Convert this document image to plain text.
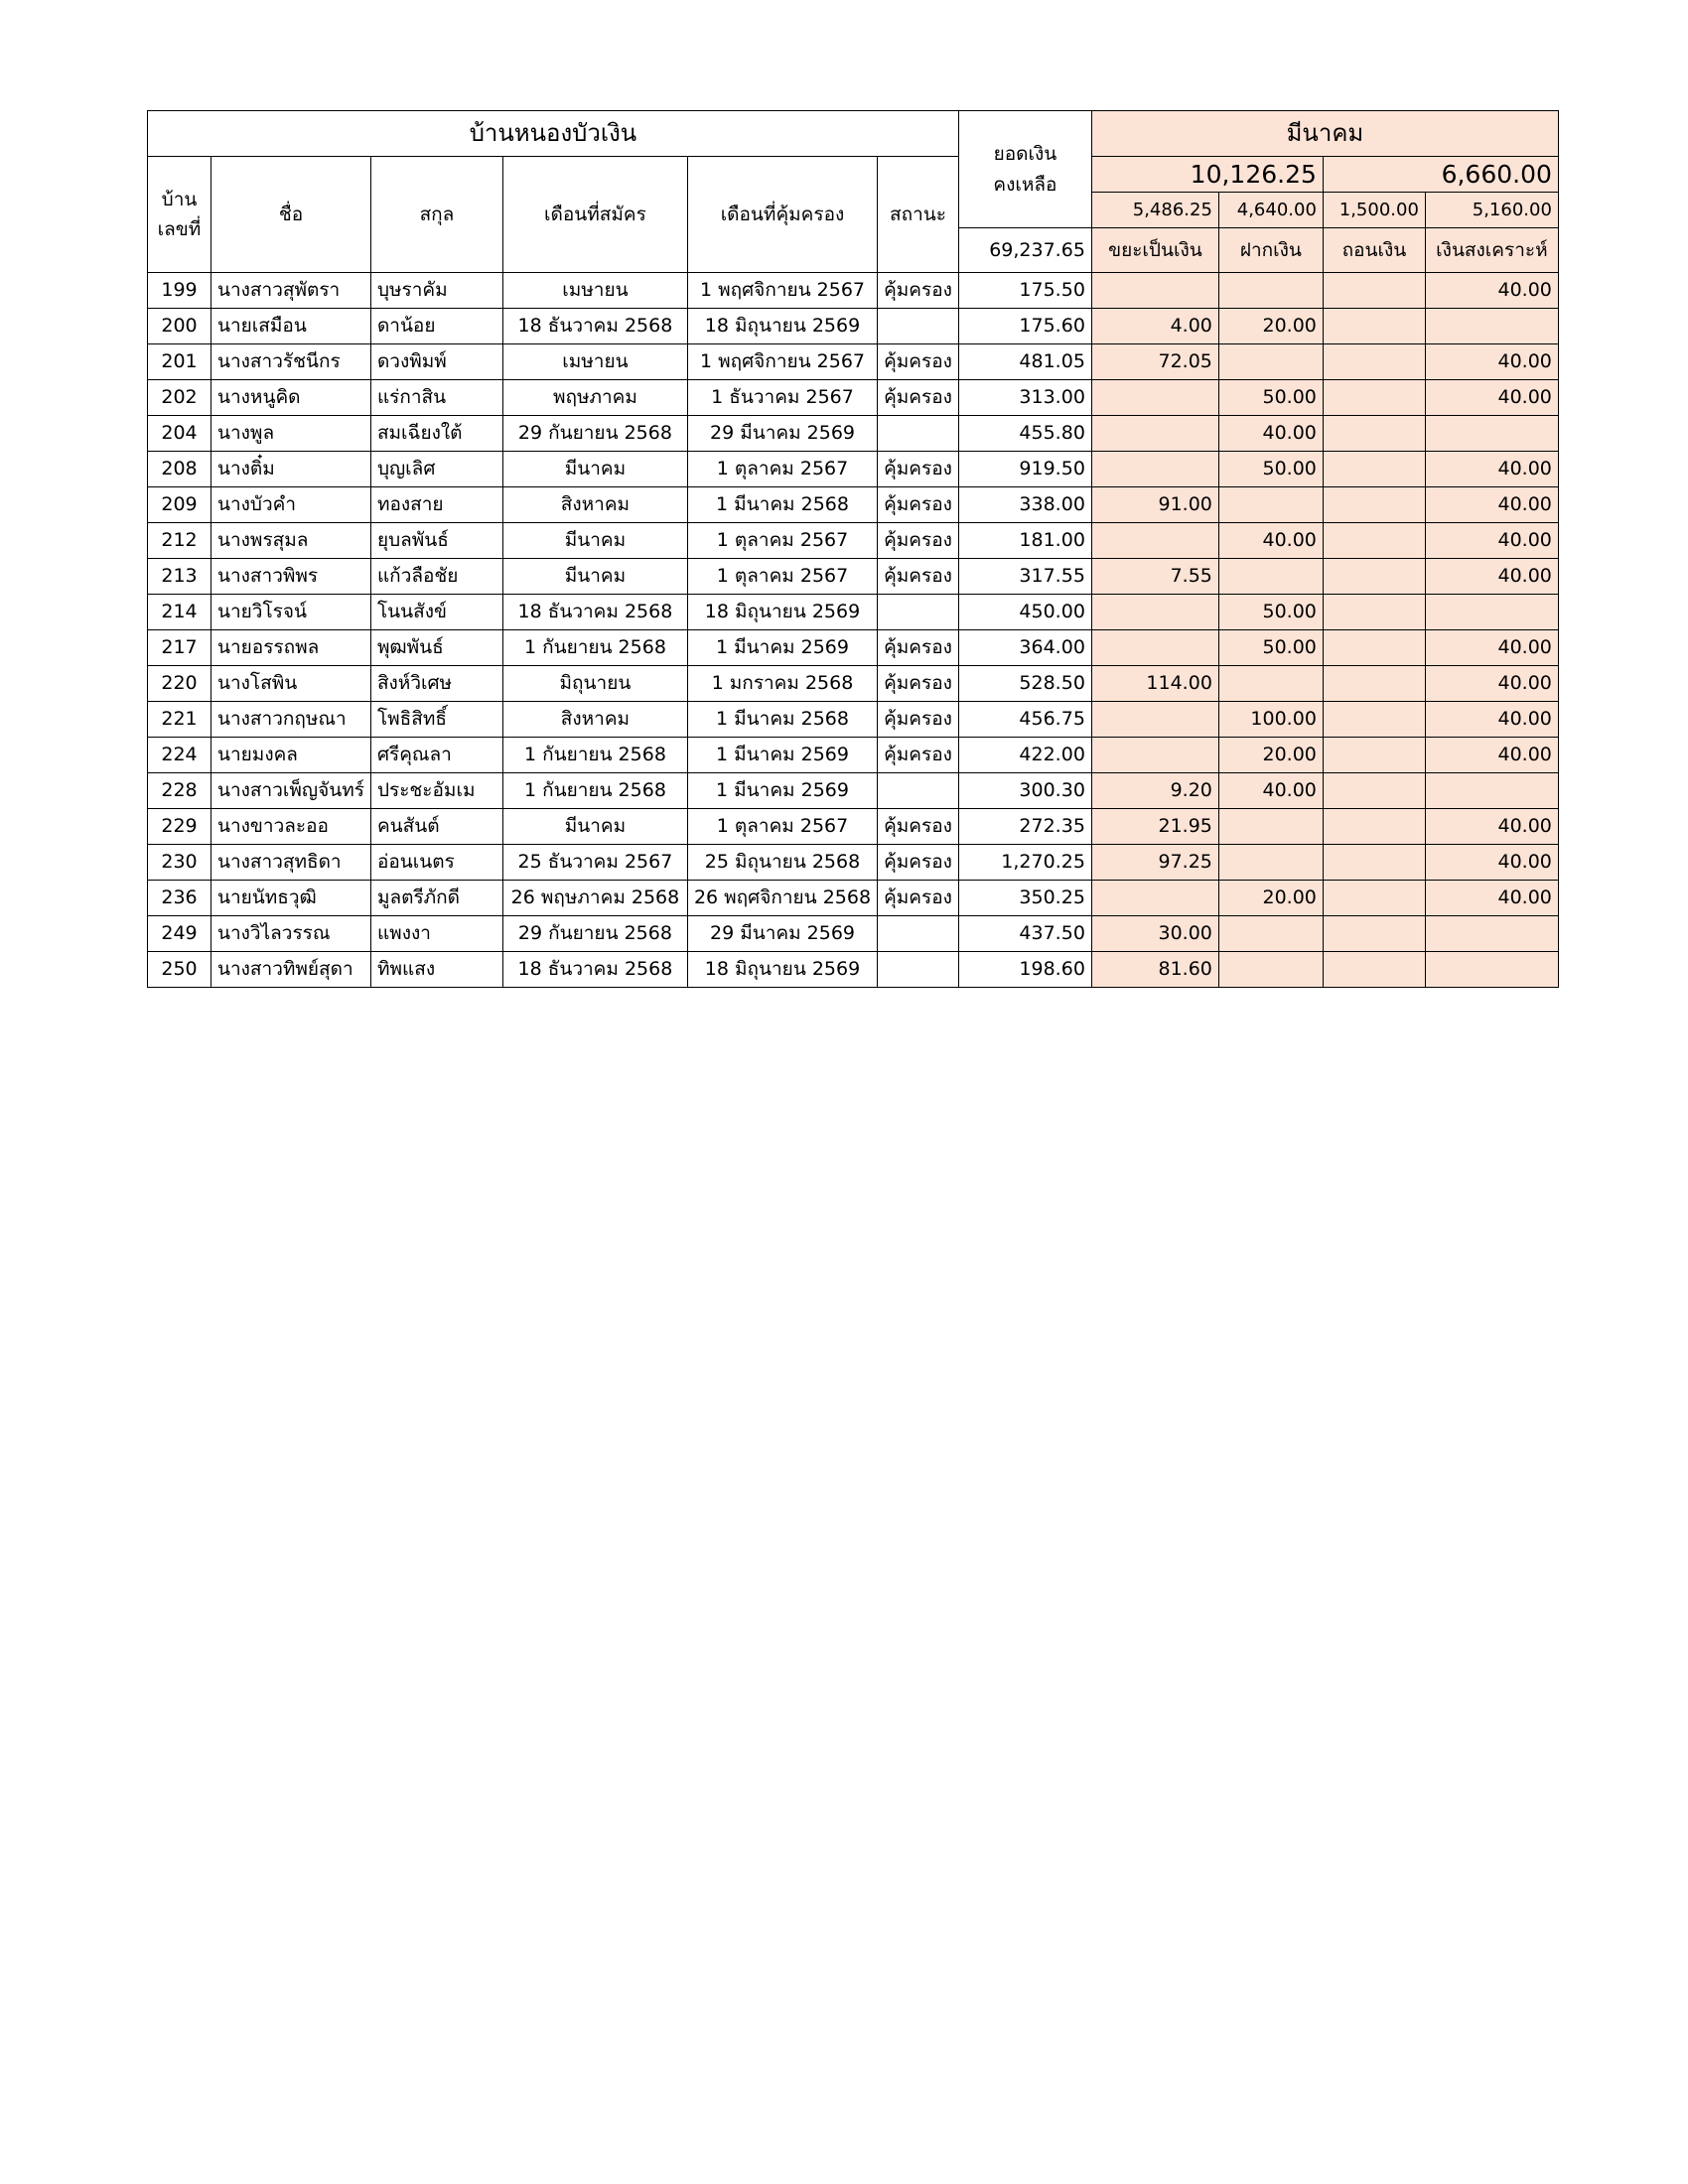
บ้านหนองบัวเงิน						ยอดเงิน
คงเหลือ	มีนาคม			
บ้าน
เลขที่	ชื่อ	สกุล	เดือนที่สมัคร	เดือนที่คุ้มครอง	สถานะ		10,126.25		6,660.00	
							5,486.25	4,640.00	1,500.00	5,160.00
						69,237.65	ขยะเป็นเงิน	ฝากเงิน	ถอนเงิน	เงินสงเคราะห์
199	นางสาวสุพัตรา	บุษราคัม	เมษายน	1 พฤศจิกายน 2567	คุ้มครอง	175.50				40.00
200	นายเสมือน	ดาน้อย	18 ธันวาคม 2568	18 มิถุนายน 2569		175.60	4.00	20.00		
201	นางสาวรัชนีกร	ดวงพิมพ์	เมษายน	1 พฤศจิกายน 2567	คุ้มครอง	481.05	72.05			40.00
202	นางหนูคิด	แร่กาสิน	พฤษภาคม	1 ธันวาคม 2567	คุ้มครอง	313.00		50.00		40.00
204	นางพูล	สมเฉียงใต้	29 กันยายน 2568	29 มีนาคม 2569		455.80		40.00		
208	นางติ๋ม	บุญเลิศ	มีนาคม	1 ตุลาคม 2567	คุ้มครอง	919.50		50.00		40.00
209	นางบัวคำ	ทองสาย	สิงหาคม	1 มีนาคม 2568	คุ้มครอง	338.00	91.00			40.00
212	นางพรสุมล	ยุบลพันธ์	มีนาคม	1 ตุลาคม 2567	คุ้มครอง	181.00		40.00		40.00
213	นางสาวพิพร	แก้วลือชัย	มีนาคม	1 ตุลาคม 2567	คุ้มครอง	317.55	7.55			40.00
214	นายวิโรจน์	โนนสังข์	18 ธันวาคม 2568	18 มิถุนายน 2569		450.00		50.00		
217	นายอรรถพล	พุฒพันธ์	1 กันยายน 2568	1 มีนาคม 2569	คุ้มครอง	364.00		50.00		40.00
220	นางโสพิน	สิงห์วิเศษ	มิถุนายน	1 มกราคม 2568	คุ้มครอง	528.50	114.00			40.00
221	นางสาวกฤษณา	โพธิสิทธิ์	สิงหาคม	1 มีนาคม 2568	คุ้มครอง	456.75		100.00		40.00
224	นายมงคล	ศรีคุณลา	1 กันยายน 2568	1 มีนาคม 2569	คุ้มครอง	422.00		20.00		40.00
228	นางสาวเพ็ญจันทร์	ประชะอัมเม	1 กันยายน 2568	1 มีนาคม 2569		300.30	9.20	40.00		
229	นางขาวละออ	คนสันต์	มีนาคม	1 ตุลาคม 2567	คุ้มครอง	272.35	21.95			40.00
230	นางสาวสุทธิดา	อ่อนเนตร	25 ธันวาคม 2567	25 มิถุนายน 2568	คุ้มครอง	1,270.25	97.25			40.00
236	นายนัทธวุฒิ	มูลตรีภักดี	26 พฤษภาคม 2568	26 พฤศจิกายน 2568	คุ้มครอง	350.25		20.00		40.00
249	นางวิไลวรรณ	แพงงา	29 กันยายน 2568	29 มีนาคม 2569		437.50	30.00			
250	นางสาวทิพย์สุดา	ทิพแสง	18 ธันวาคม 2568	18 มิถุนายน 2569		198.60	81.60			
